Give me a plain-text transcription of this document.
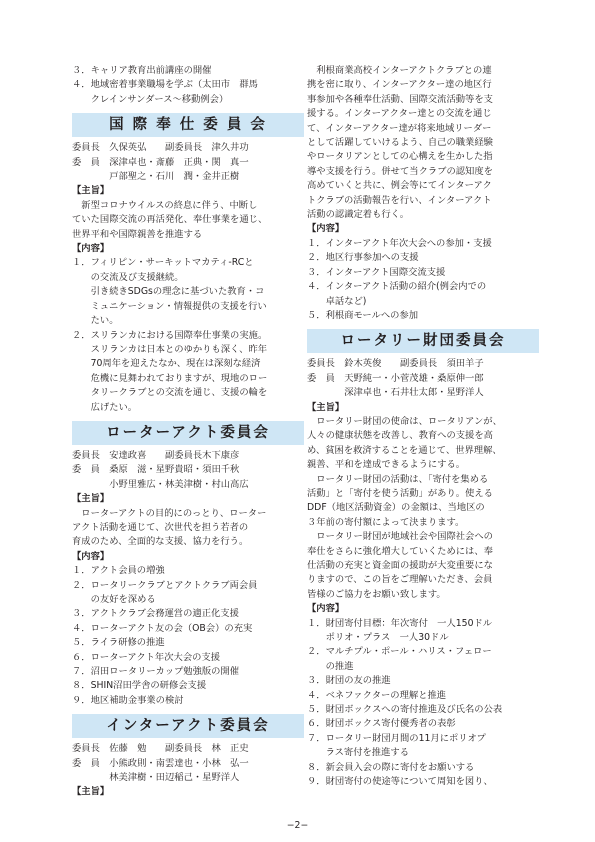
３．キャリア教育出前講座の開催
４．地域密着事業職場を学ぶ（太田市　群馬
　　クレインサンダース～移動例会）
国 際 奉 仕 委 員 会
委員長　久保英弘　　副委員長　津久井功
委　員　深津卓也・斎藤　正典・関　真一
　　　　戸部聖之・石川　潤・金井正樹
【主旨】
　新型コロナウイルスの終息に伴う、中断し
ていた国際交流の再活発化、奉仕事業を通じ、
世界平和や国際親善を推進する
【内容】
１．フィリピン・サーキットマカティ-RCと
　　の交流及び支援継続。
　　引き続きSDGsの理念に基づいた教育・コ
　　ミュニケーション・情報提供の支援を行い
　　たい。
２．スリランカにおける国際奉仕事業の実施。
　　スリランカは日本とのゆかりも深く、昨年
　　70周年を迎えたなか、現在は深刻な経済
　　危機に見舞われておりますが、現地のロー
　　タリークラブとの交流を通じ、支援の輪を
　　広げたい。
ローターアクト委員会
委員長　安達政喜　　副委員長木下康彦
委　員　桑原　滋・星野貴昭・須田千秋
　　　　小野里雅広・林美津樹・村山高広
【主旨】
　ローターアクトの目的にのっとり、ローター
アクト活動を通じて、次世代を担う若者の
育成のため、全面的な支援、協力を行う。
【内容】
１．アクト会員の増強
２．ロータリークラブとアクトクラブ両会員
　　の友好を深める
３．アクトクラブ会務運営の適正化支援
４．ローターアクト友の会（OB会）の充実
５．ライラ研修の推進
６．ローターアクト年次大会の支援
７．沼田ロータリーカップ勉強版の開催
８．SHIN沼田学舎の研修会支援
９．地区補助金事業の検討
インターアクト委員会
委員長　佐藤　勉　　副委員長　林　正史
委　員　小熊政則・南雲達也・小林　弘一
　　　　林美津樹・田辺稲己・星野洋人
【主旨】
　利根商業高校インターアクトクラブとの連
携を密に取り、インターアクター達の地区行
事参加や各種奉仕活動、国際交流活動等を支
援する。インターアクター達との交流を通じ
て、インターアクター達が将来地域リーダー
として活躍していけるよう、自己の職業経験
やロータリアンとしての心構えを生かした指
導や支援を行う。併せて当クラブの認知度を
高めていくと共に、例会等にてインターアク
トクラブの活動報告を行い、インターアクト
活動の認識定着も行く。
【内容】
１．インターアクト年次大会への参加・支援
２．地区行事参加への支援
３．インターアクト国際交流支援
４．インターアクト活動の紹介(例会内での
　　卓話など)
５．利根商モールへの参加
ロータリー財団委員会
委員長　鈴木英俊　　副委員長　須田羊子
委　員　天野純一・小菅茂雄・桑原伸一郎
　　　　深津卓也・石井壮太郎・星野洋人
【主旨】
　ロータリー財団の使命は、ロータリアンが、
人々の健康状態を改善し、教育への支援を高
め、貧困を救済することを通じて、世界理解、
親善、平和を達成できるようにする。
　ロータリー財団の活動は、「寄付を集める
活動」と「寄付を使う活動」があり。使える
DDF（地区活動資金）の金額は、当地区の
３年前の寄付額によって決まります。
　ロータリー財団が地域社会や国際社会への
奉仕をさらに強化増大していくためには、奉
仕活動の充実と資金面の援助が大変重要にな
りますので、この旨をご理解いただき、会員
皆様のご協力をお願い致します。
【内容】
１．財団寄付目標：年次寄付　一人150ドル
　　ポリオ・プラス　一人30ドル
２．マルチプル・ポール・ハリス・フェロー
　　の推進
３．財団の友の推進
４．ベネファクターの理解と推進
５．財団ボックスへの寄付推進及び氏名の公表
６．財団ボックス寄付優秀者の表彰
７．ロータリー財団月間の11月にポリオプ
　　ラス寄付を推進する
８．新会員入会の際に寄付をお願いする
９．財団寄付の使途等について周知を図り、
−2−
